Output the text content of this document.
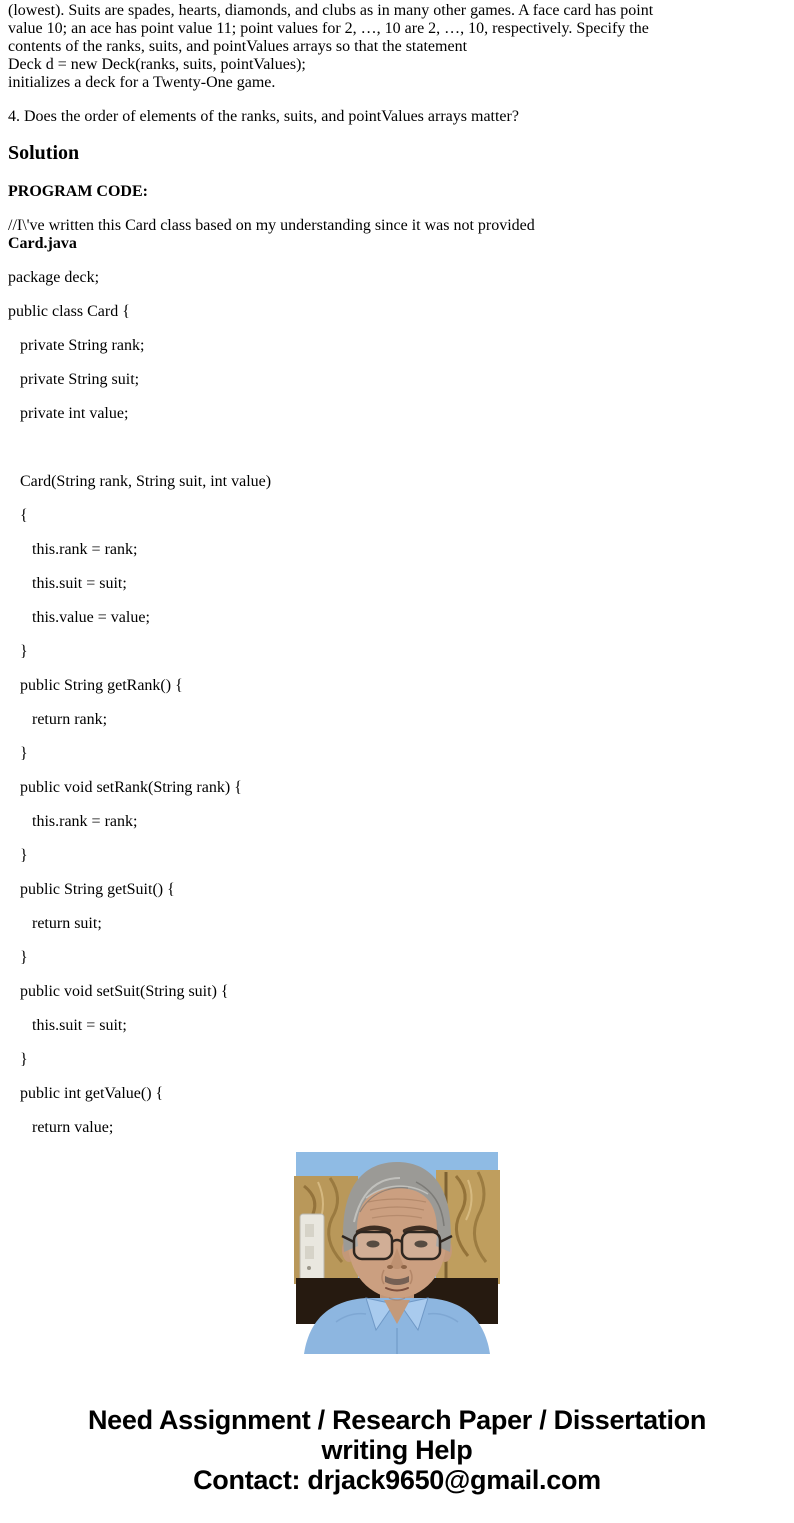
(lowest). Suits are spades, hearts, diamonds, and clubs as in many other games. A face card has point
value 10; an ace has point value 11; point values for 2, …, 10 are 2, …, 10, respectively. Specify the
contents of the ranks, suits, and pointValues arrays so that the statement
Deck d = new Deck(ranks, suits, pointValues);
initializes a deck for a Twenty-One game.

4. Does the order of elements of the ranks, suits, and pointValues arrays matter?

Solution
PROGRAM CODE:

//I\'ve written this Card class based on my understanding since it was not provided
Card.java

package deck;

public class Card {

private String rank;

private String suit;

private int value;

Card(String rank, String suit, int value)

{

this.rank = rank;

this.suit = suit;

this.value = value;

}

public String getRank() {

return rank;

}

public void setRank(String rank) {

this.rank = rank;

}

public String getSuit() {

return suit;

}

public void setSuit(String suit) {

this.suit = suit;

}

public int getValue() {

return value;

Need Assignment / Research Paper / Dissertation
writing Help
Contact: drjack9650@gmail.com
